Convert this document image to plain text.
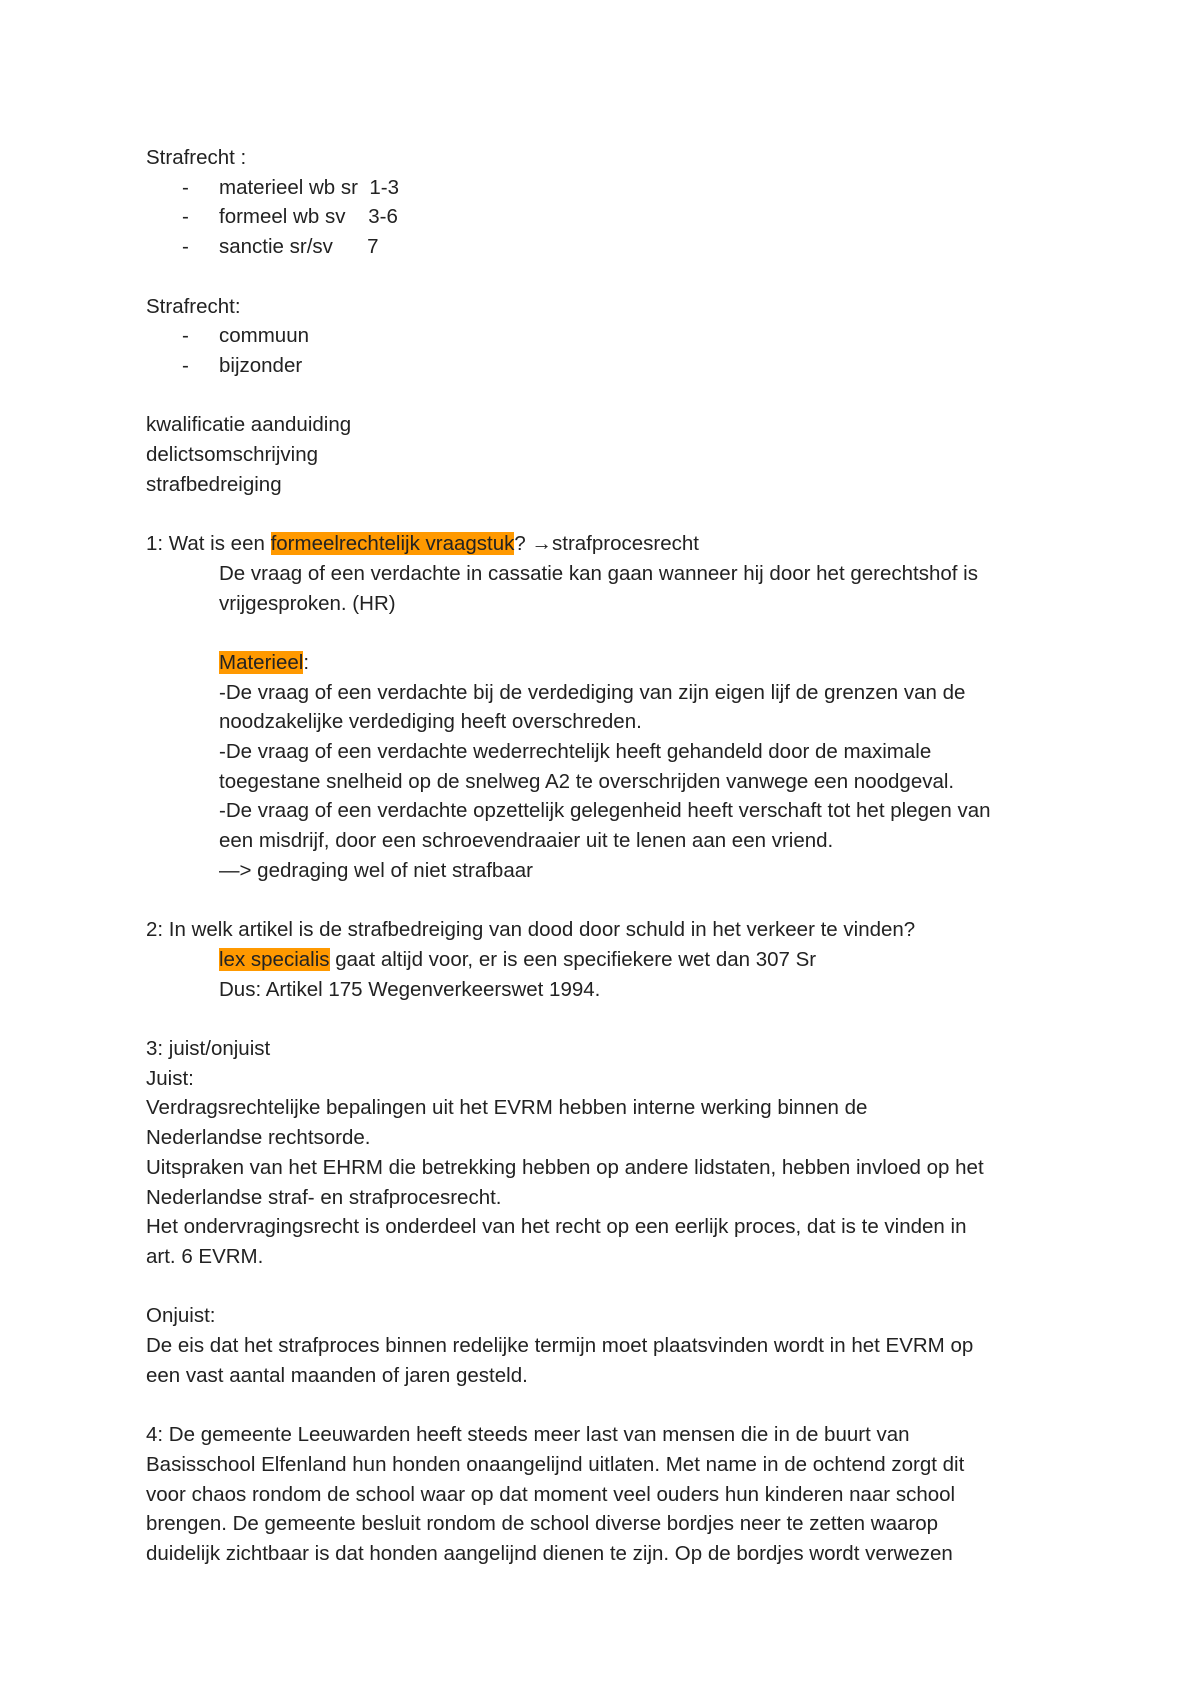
Strafrecht :
-	materieel wb sr  1-3
-	formeel wb sv    3-6
-	sanctie sr/sv      7
Strafrecht:
-	commuun
-	bijzonder
kwalificatie aanduiding
delictsomschrijving
strafbedreiging
1: Wat is een formeelrechtelijk vraagstuk? →strafprocesrecht
De vraag of een verdachte in cassatie kan gaan wanneer hij door het gerechtshof is
vrijgesproken. (HR)
Materieel:
-De vraag of een verdachte bij de verdediging van zijn eigen lijf de grenzen van de
noodzakelijke verdediging heeft overschreden.
-De vraag of een verdachte wederrechtelijk heeft gehandeld door de maximale
toegestane snelheid op de snelweg A2 te overschrijden vanwege een noodgeval.
-De vraag of een verdachte opzettelijk gelegenheid heeft verschaft tot het plegen van
een misdrijf, door een schroevendraaier uit te lenen aan een vriend.
—> gedraging wel of niet strafbaar
2: In welk artikel is de strafbedreiging van dood door schuld in het verkeer te vinden?
lex specialis gaat altijd voor, er is een specifiekere wet dan 307 Sr
Dus: Artikel 175 Wegenverkeerswet 1994.
3: juist/onjuist
Juist:
Verdragsrechtelijke bepalingen uit het EVRM hebben interne werking binnen de
Nederlandse rechtsorde.
Uitspraken van het EHRM die betrekking hebben op andere lidstaten, hebben invloed op het
Nederlandse straf- en strafprocesrecht.
Het ondervragingsrecht is onderdeel van het recht op een eerlijk proces, dat is te vinden in
art. 6 EVRM.
Onjuist:
De eis dat het strafproces binnen redelijke termijn moet plaatsvinden wordt in het EVRM op
een vast aantal maanden of jaren gesteld.
4: De gemeente Leeuwarden heeft steeds meer last van mensen die in de buurt van
Basisschool Elfenland hun honden onaangelijnd uitlaten. Met name in de ochtend zorgt dit
voor chaos rondom de school waar op dat moment veel ouders hun kinderen naar school
brengen. De gemeente besluit rondom de school diverse bordjes neer te zetten waarop
duidelijk zichtbaar is dat honden aangelijnd dienen te zijn. Op de bordjes wordt verwezen
